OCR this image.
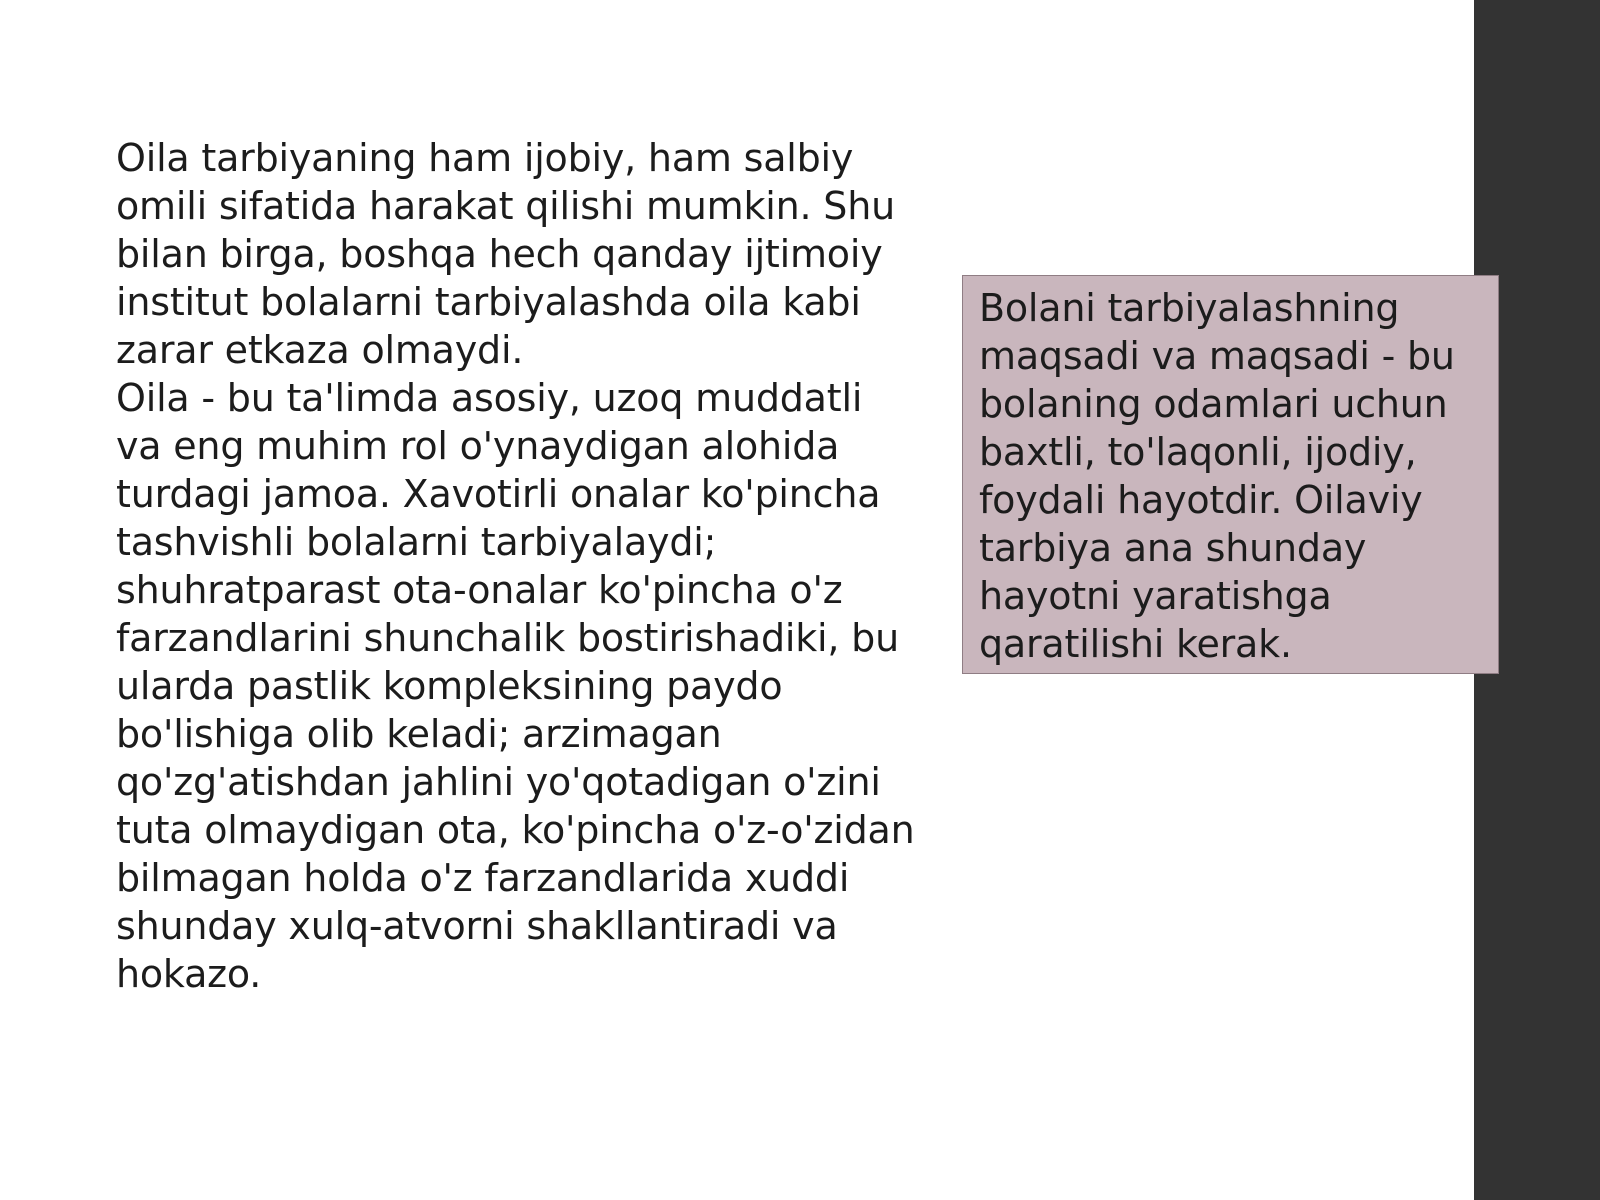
Oila tarbiyaning ham ijobiy, ham salbiy omili sifatida harakat qilishi mumkin. Shu bilan birga, boshqa hech qanday ijtimoiy institut bolalarni tarbiyalashda oila kabi zarar etkaza olmaydi.

Oila - bu ta'limda asosiy, uzoq muddatli va eng muhim rol o'ynaydigan alohida turdagi jamoa. Xavotirli onalar ko'pincha tashvishli bolalarni tarbiyalaydi; shuhratparast ota-onalar ko'pincha o'z farzandlarini shunchalik bostirishadiki, bu ularda pastlik kompleksining paydo bo'lishiga olib keladi; arzimagan qo'zg'atishdan jahlini yo'qotadigan o'zini tuta olmaydigan ota, ko'pincha o'z-o'zidan bilmagan holda o'z farzandlarida xuddi shunday xulq-atvorni shakllantiradi va hokazo.

Bolani tarbiyalashning maqsadi va maqsadi - bu bolaning odamlari uchun baxtli, to'laqonli, ijodiy, foydali hayotdir. Oilaviy tarbiya ana shunday hayotni yaratishga qaratilishi kerak.
